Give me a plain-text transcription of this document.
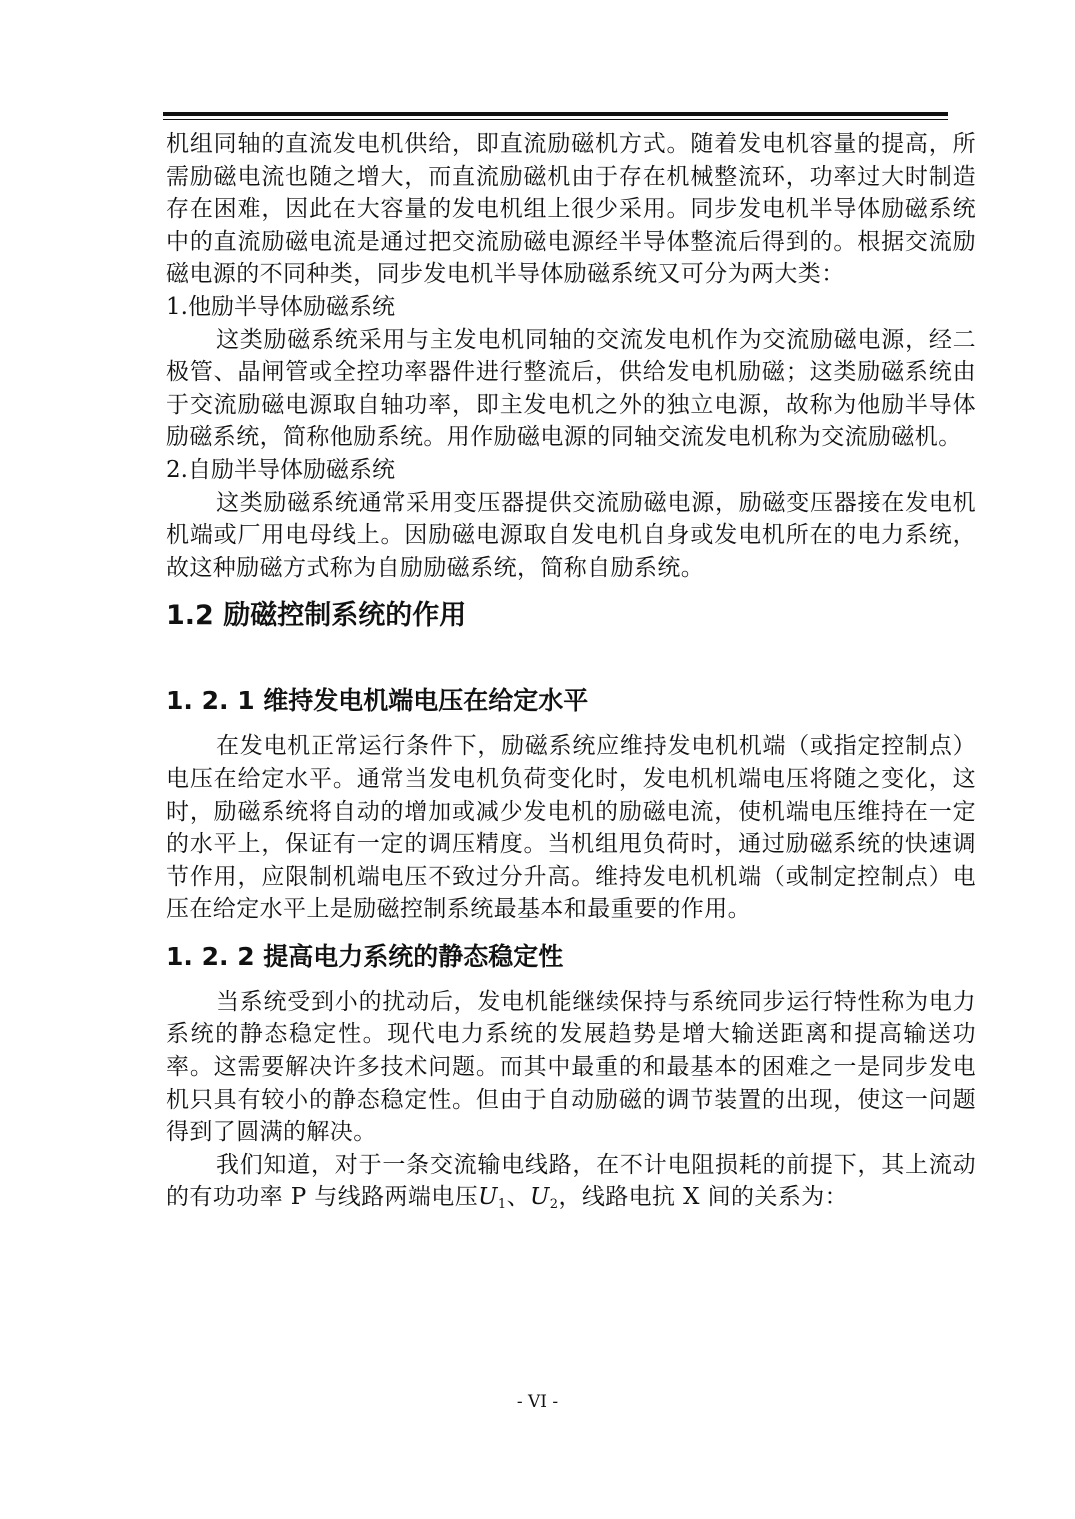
机组同轴的直流发电机供给，即直流励磁机方式。随着发电机容量的提高，所需励磁电流也随之增大，而直流励磁机由于存在机械整流环，功率过大时制造存在困难，因此在大容量的发电机组上很少采用。同步发电机半导体励磁系统中的直流励磁电流是通过把交流励磁电源经半导体整流后得到的。根据交流励磁电源的不同种类，同步发电机半导体励磁系统又可分为两大类：

1.他励半导体励磁系统

这类励磁系统采用与主发电机同轴的交流发电机作为交流励磁电源，经二极管、晶闸管或全控功率器件进行整流后，供给发电机励磁；这类励磁系统由于交流励磁电源取自轴功率，即主发电机之外的独立电源，故称为他励半导体励磁系统，简称他励系统。用作励磁电源的同轴交流发电机称为交流励磁机。

2.自励半导体励磁系统

这类励磁系统通常采用变压器提供交流励磁电源，励磁变压器接在发电机机端或厂用电母线上。因励磁电源取自发电机自身或发电机所在的电力系统，故这种励磁方式称为自励励磁系统，简称自励系统。

1.2 励磁控制系统的作用
1. 2. 1 维持发电机端电压在给定水平

在发电机正常运行条件下，励磁系统应维持发电机机端（或指定控制点）电压在给定水平。通常当发电机负荷变化时，发电机机端电压将随之变化，这时，励磁系统将自动的增加或减少发电机的励磁电流，使机端电压维持在一定的水平上，保证有一定的调压精度。当机组甩负荷时，通过励磁系统的快速调节作用，应限制机端电压不致过分升高。维持发电机机端（或制定控制点）电压在给定水平上是励磁控制系统最基本和最重要的作用。

1. 2. 2 提高电力系统的静态稳定性

当系统受到小的扰动后，发电机能继续保持与系统同步运行特性称为电力系统的静态稳定性。现代电力系统的发展趋势是增大输送距离和提高输送功率。这需要解决许多技术问题。而其中最重的和最基本的困难之一是同步发电机只具有较小的静态稳定性。但由于自动励磁的调节装置的出现，使这一问题得到了圆满的解决。

我们知道，对于一条交流输电线路，在不计电阻损耗的前提下，其上流动的有功功率 P 与线路两端电压$U_1$、$U_2$，线路电抗 X 间的关系为：

- VI -
